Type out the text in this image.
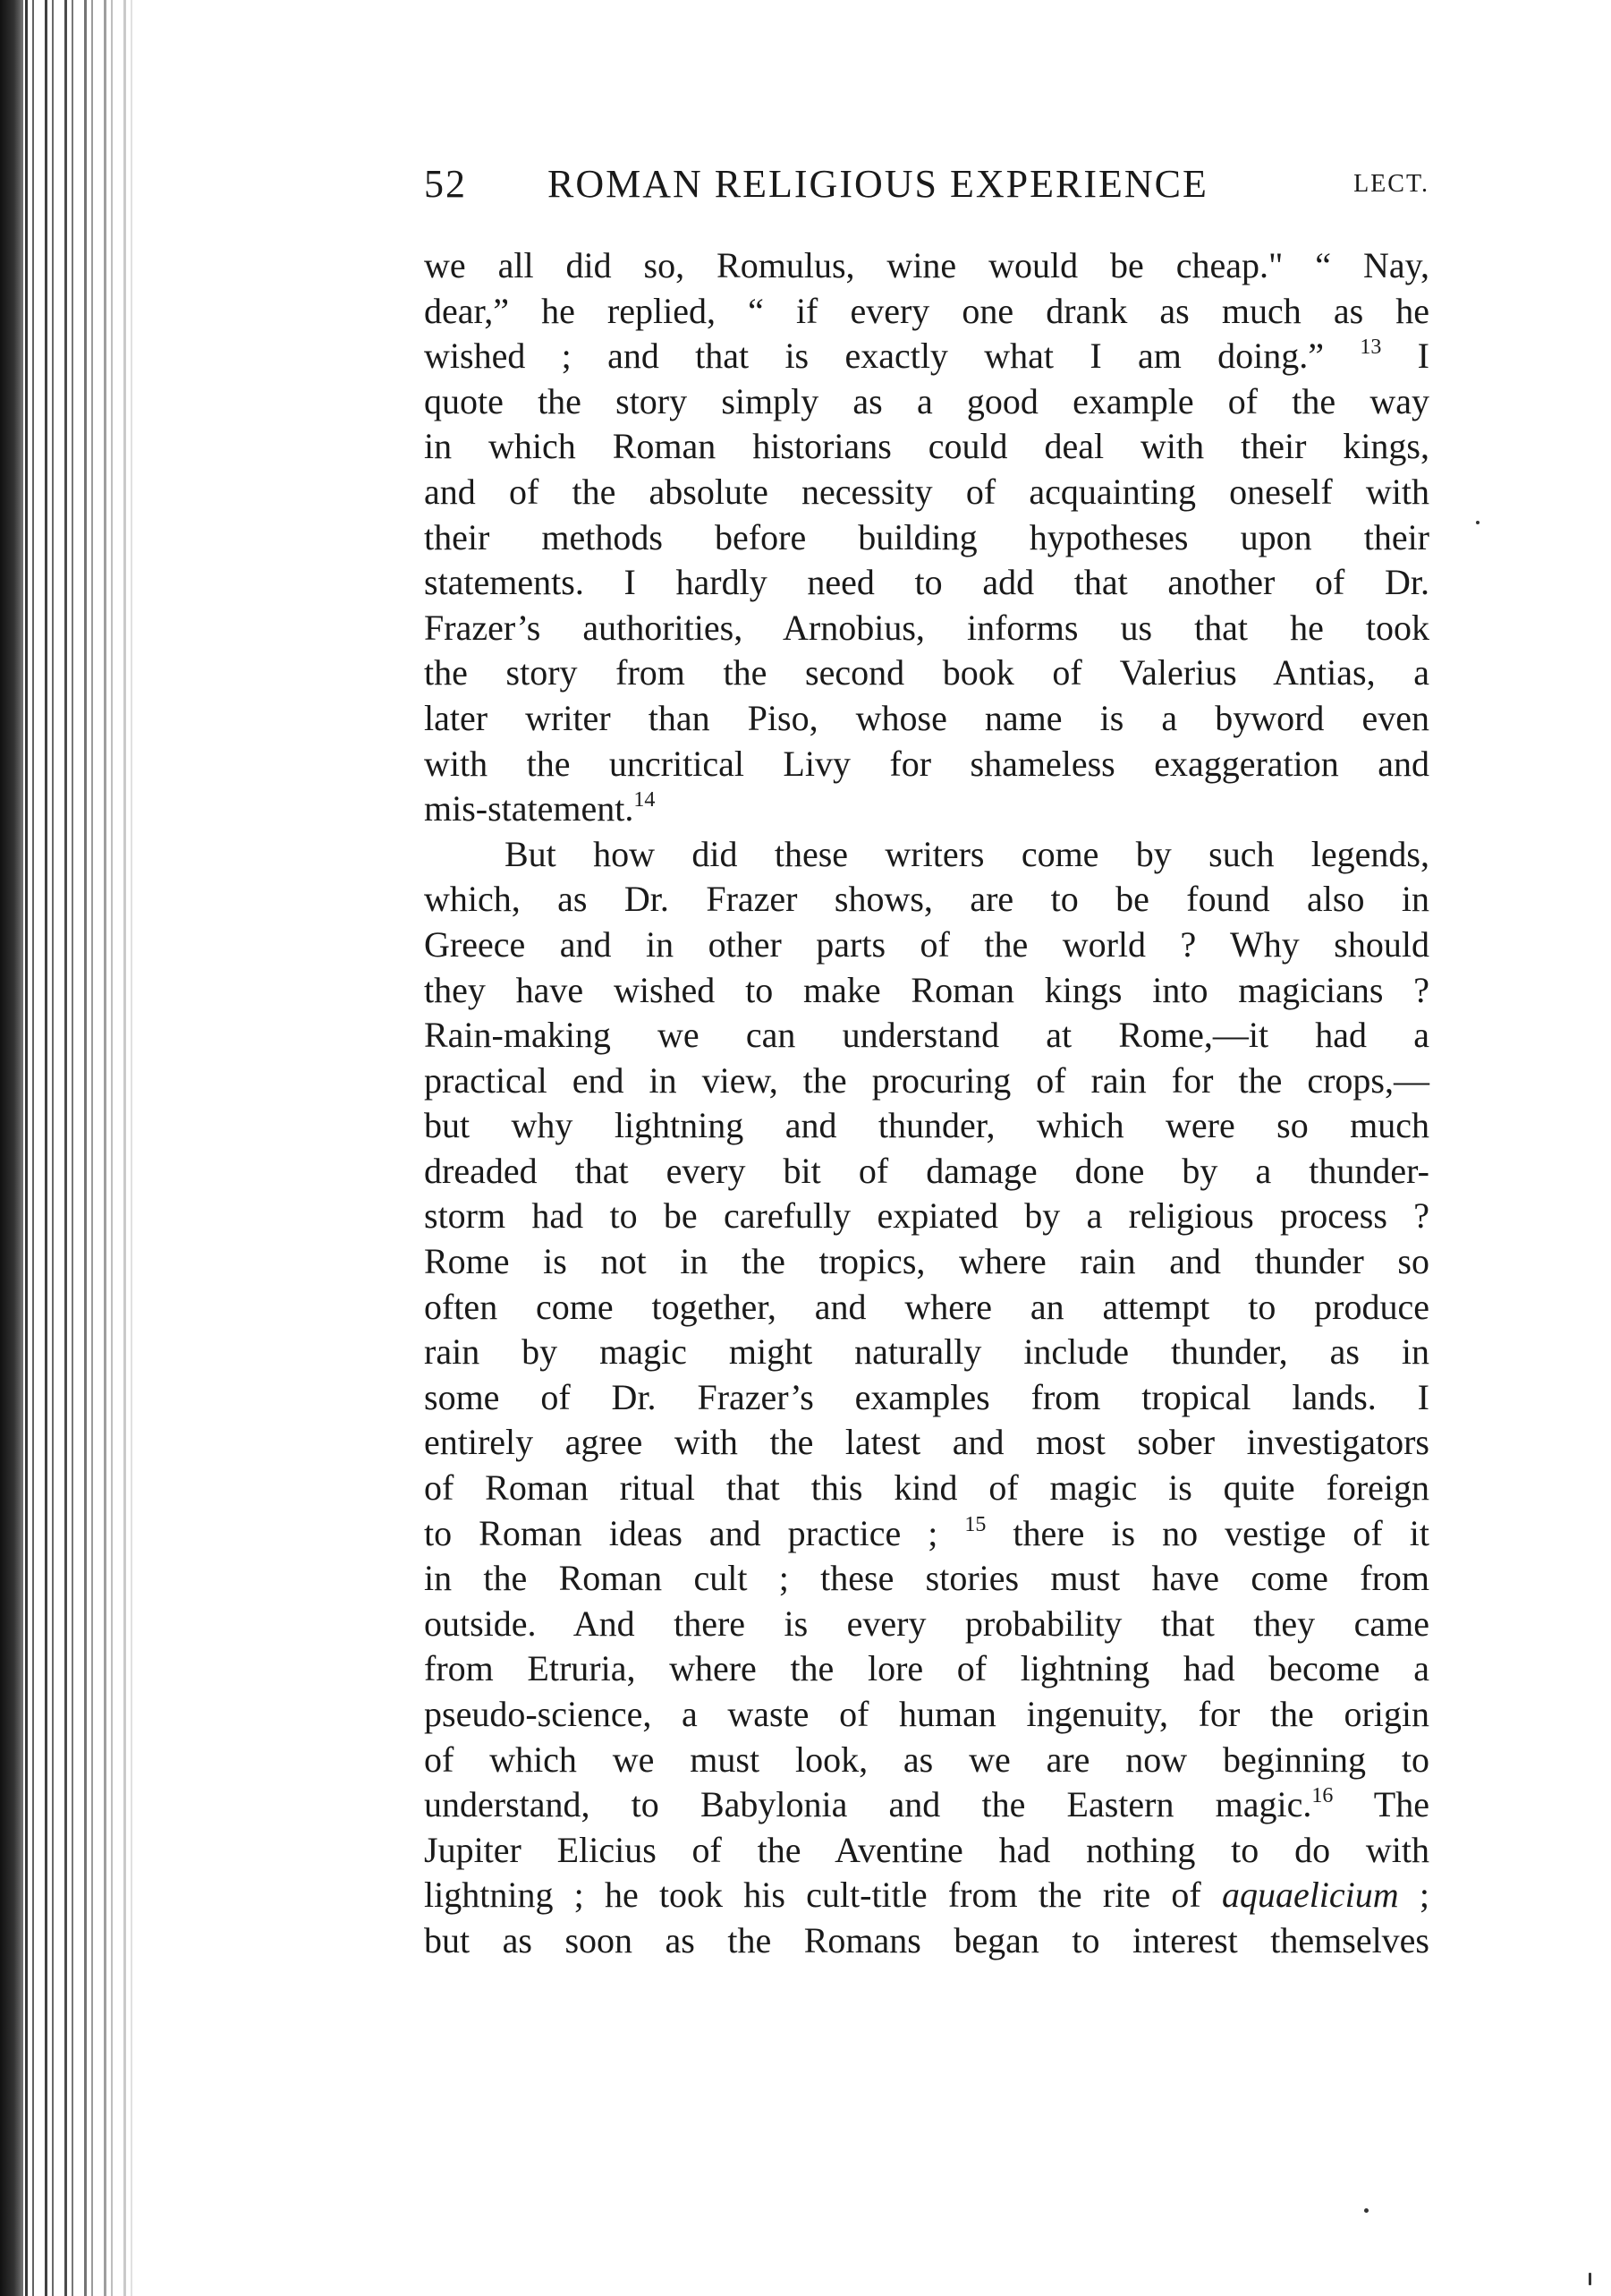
52 ROMAN RELIGIOUS EXPERIENCE	LECT.
we all did so, Romulus, wine would be cheap." “ Nay,
dear,” he replied, “ if every one drank as much as he
wished ; and that is exactly what I am doing.” $^{13}$ I
quote the story simply as a good example of the way
in which Roman historians could deal with their kings,
and of the absolute necessity of acquainting oneself with
their methods before building hypotheses upon their
statements. I hardly need to add that another of Dr.
Frazer’s authorities, Arnobius, informs us that he took
the story from the second book of Valerius Antias, a
later writer than Piso, whose name is a byword even
with the uncritical Livy for shameless exaggeration and
mis-statement.$^{14}$
But how did these writers come by such legends,
which, as Dr. Frazer shows, are to be found also in
Greece and in other parts of the world ? Why should
they have wished to make Roman kings into magicians ?
Rain-making we can understand at Rome,—it had a
practical end in view, the procuring of rain for the crops,—
but why lightning and thunder, which were so much
dreaded that every bit of damage done by a thunder-
storm had to be carefully expiated by a religious process ?
Rome is not in the tropics, where rain and thunder so
often come together, and where an attempt to produce
rain by magic might naturally include thunder, as in
some of Dr. Frazer’s examples from tropical lands. I
entirely agree with the latest and most sober investigators
of Roman ritual that this kind of magic is quite foreign
to Roman ideas and practice ; $^{15}$ there is no vestige of it
in the Roman cult ; these stories must have come from
outside. And there is every probability that they came
from Etruria, where the lore of lightning had become a
pseudo-science, a waste of human ingenuity, for the origin
of which we must look, as we are now beginning to
understand, to Babylonia and the Eastern magic.$^{16}$ The
Jupiter Elicius of the Aventine had nothing to do with
lightning ; he took his cult-title from the rite of aquaelicium ;
but as soon as the Romans began to interest themselves
